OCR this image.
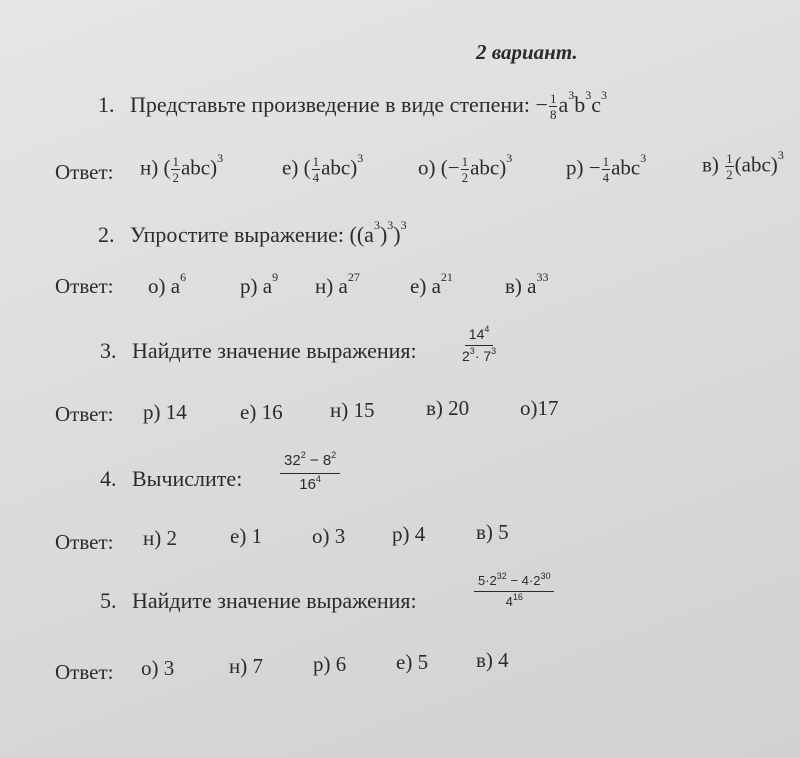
2 вариант.
1. Представьте произведение в виде степени: − $\frac{1}{8} a^3b^3c^3$
Ответ: н) ( $\frac{1}{2} abc)^3$	е) ( $\frac{1}{4} abc)^3$	о) (− $\frac{1}{2} abc)^3$	$р) - \frac{1}{4} abc^3$	$в) \frac{1}{2} (abc)^3$
2. Упростите выражение: $((a^3)^3)^3$
Ответ: о) $a^6$	р) $a^9$ н) $a^{27}$ е) $a^{21}$ в) $a^{33}$
3. Найдите значение выражения:	$\frac{14^4}{2^3\cdot 7^3}$
Ответ: р) 14	е) 16 н) 15 в) 20 о)17
4. Вычислите:	$\frac{32^2 - 8^2}{16^4}$
Ответ: н) 2	е) 1 о) 3 р) 4 в) 5
5. Найдите значение выражения:	$\frac{5\cdot 2^{32} - 4\cdot 2^{30}}{4^{16}}$
Ответ: о) 3	н) 7 р) 6 е) 5 в) 4
